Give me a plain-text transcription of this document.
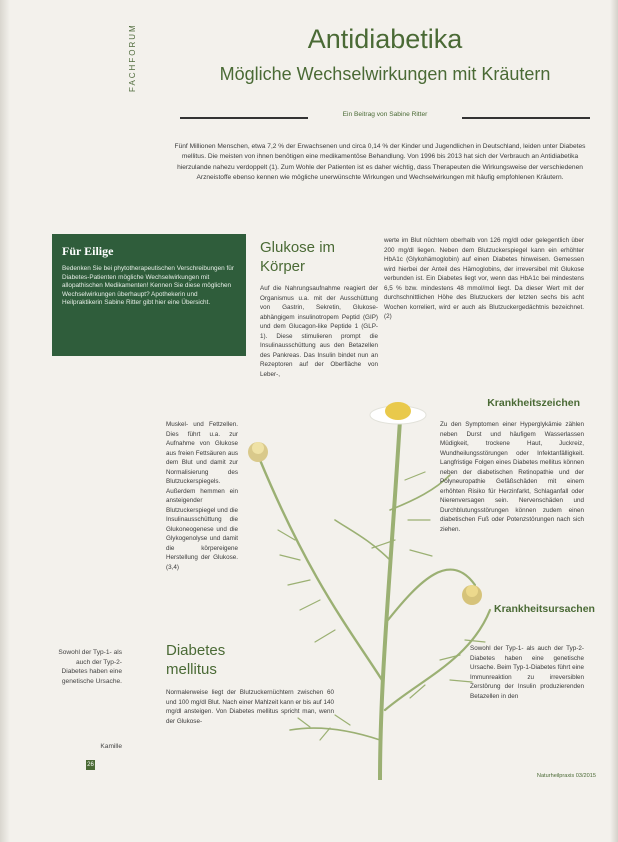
FACHFORUM	Antidiabetika
Mögliche Wechselwirkungen mit Kräutern
Ein Beitrag von Sabine Ritter
Fünf Millionen Menschen, etwa 7,2 % der Erwachsenen und circa 0,14 % der Kinder und Jugendlichen in Deutschland, leiden unter Diabetes mellitus. Die meisten von ihnen benötigen eine medikamentöse Behandlung. Von 1996 bis 2013 hat sich der Verbrauch an Antidiabetika hierzulande nahezu verdoppelt (1). Zum Wohle der Patienten ist es daher wichtig, dass Therapeuten die Wirkungsweise der verschiedenen Arzneistoffe ebenso kennen wie mögliche unerwünschte Wirkungen und Wechselwirkungen mit häufig empfohlenen Kräutern.
Für Eilige

Bedenken Sie bei phytotherapeutischen Verschreibungen für Diabetes-Patienten mögliche Wechselwirkungen mit allopathischen Medikamenten! Kennen Sie diese möglichen Wechselwirkungen überhaupt? Apothekerin und Heilpraktikerin Sabine Ritter gibt hier eine Übersicht.

Glukose im Körper
Auf die Nahrungsaufnahme reagiert der Organismus u.a. mit der Ausschüttung von Gastrin, Sekretin, Glukose-abhängigem insulinotropem Peptid (GIP) und dem Glucagon-like Peptide 1 (GLP-1). Diese stimulieren prompt die Insulinausschüttung aus den Betazellen des Pankreas. Das Insulin bindet nun an Rezeptoren auf der Oberfläche von Leber-,
Muskel- und Fettzellen. Dies führt u.a. zur Aufnahme von Glukose aus freien Fettsäuren aus dem Blut und damit zur Normalisierung des Blutzuckerspiegels. Außerdem hemmen ein ansteigender Blutzuckerspiegel und die Insulinausschüttung die Glukoneogenese und die Glykogenolyse und damit die körpereigene Herstellung der Glukose. (3,4)
Diabetes mellitus
Normalerweise liegt der Blutzuckernüchtern zwischen 60 und 100 mg/dl Blut. Nach einer Mahlzeit kann er bis auf 140 mg/dl ansteigen. Von Diabetes mellitus spricht man, wenn der Glukose-
werte im Blut nüchtern oberhalb von 126 mg/dl oder gelegentlich über 200 mg/dl liegen. Neben dem Blutzuckerspiegel kann ein erhöhter HbA1c (Glykohämoglobin) auf einen Diabetes hinweisen. Gemessen wird hierbei der Anteil des Hämoglobins, der irreversibel mit Glukose verbunden ist. Ein Diabetes liegt vor, wenn das HbA1c bei mindestens 6,5 % bzw. mindestens 48 mmol/mol liegt. Da dieser Wert mit der durchschnittlichen Höhe des Blutzuckers der letzten sechs bis acht Wochen korreliert, wird er auch als Blutzuckergedächtnis bezeichnet. (2)
Krankheitszeichen
Zu den Symptomen einer Hyperglykämie zählen neben Durst und häufigem Wasserlassen Müdigkeit, trockene Haut, Juckreiz, Wundheilungsstörungen oder Infektanfälligkeit. Langfristige Folgen eines Diabetes mellitus können neben der diabetischen Retinopathie und der Polyneuropathie Gefäßschäden mit einem erhöhten Risiko für Herzinfarkt, Schlaganfall oder Nierenversagen sein. Nervenschäden und Durchblutungsstörungen können zudem einen diabetischen Fuß oder Potenzstörungen nach sich ziehen.
Krankheitsursachen
Sowohl der Typ-1- als auch der Typ-2-Diabetes haben eine genetische Ursache. Beim Typ-1-Diabetes führt eine Immunreaktion zu irreversiblen Zerstörung der Insulin produzierenden Betazellen in den
Sowohl der Typ-1- als auch der Typ-2-Diabetes haben eine genetische Ursache.
Kamille
26
Naturheilpraxis 03/2015
